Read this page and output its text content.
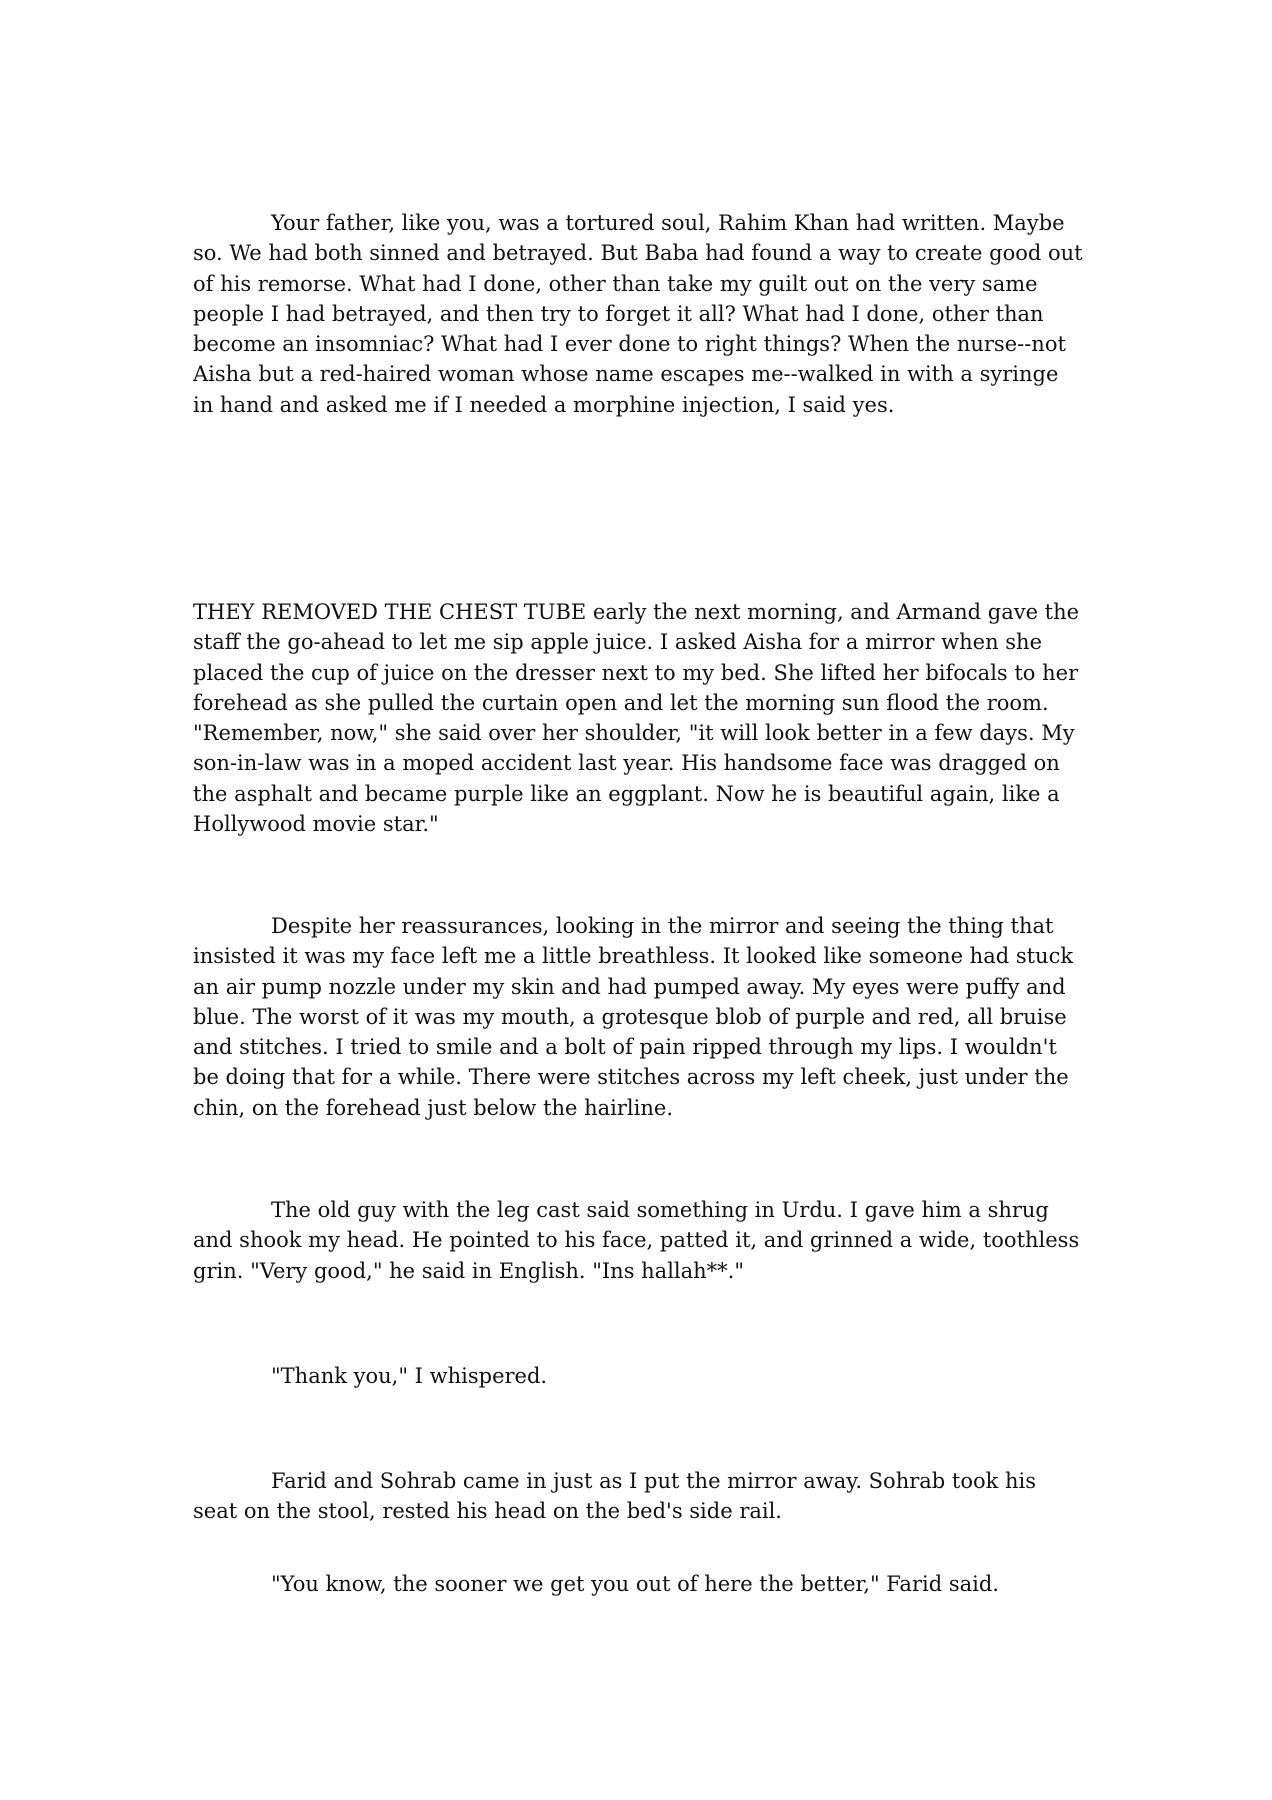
Your father, like you, was a tortured soul, Rahim Khan had written. Maybe so. We had both sinned and betrayed. But Baba had found a way to create good out of his remorse. What had I done, other than take my guilt out on the very same people I had betrayed, and then try to forget it all? What had I done, other than become an insomniac? What had I ever done to right things? When the nurse--not Aisha but a red-haired woman whose name escapes me--walked in with a syringe in hand and asked me if I needed a morphine injection, I said yes.

THEY REMOVED THE CHEST TUBE early the next morning, and Armand gave the staff the go-ahead to let me sip apple juice. I asked Aisha for a mirror when she placed the cup of juice on the dresser next to my bed. She lifted her bifocals to her forehead as she pulled the curtain open and let the morning sun flood the room. "Remember, now," she said over her shoulder, "it will look better in a few days. My son-in-law was in a moped accident last year. His handsome face was dragged on the asphalt and became purple like an eggplant. Now he is beautiful again, like a Hollywood movie star."

Despite her reassurances, looking in the mirror and seeing the thing that insisted it was my face left me a little breathless. It looked like someone had stuck an air pump nozzle under my skin and had pumped away. My eyes were puffy and blue. The worst of it was my mouth, a grotesque blob of purple and red, all bruise and stitches. I tried to smile and a bolt of pain ripped through my lips. I wouldn't be doing that for a while. There were stitches across my left cheek, just under the chin, on the forehead just below the hairline.

The old guy with the leg cast said something in Urdu. I gave him a shrug and shook my head. He pointed to his face, patted it, and grinned a wide, toothless grin. "Very good," he said in English. "Ins hallah**."

"Thank you," I whispered.

Farid and Sohrab came in just as I put the mirror away. Sohrab took his seat on the stool, rested his head on the bed's side rail.

"You know, the sooner we get you out of here the better," Farid said.
